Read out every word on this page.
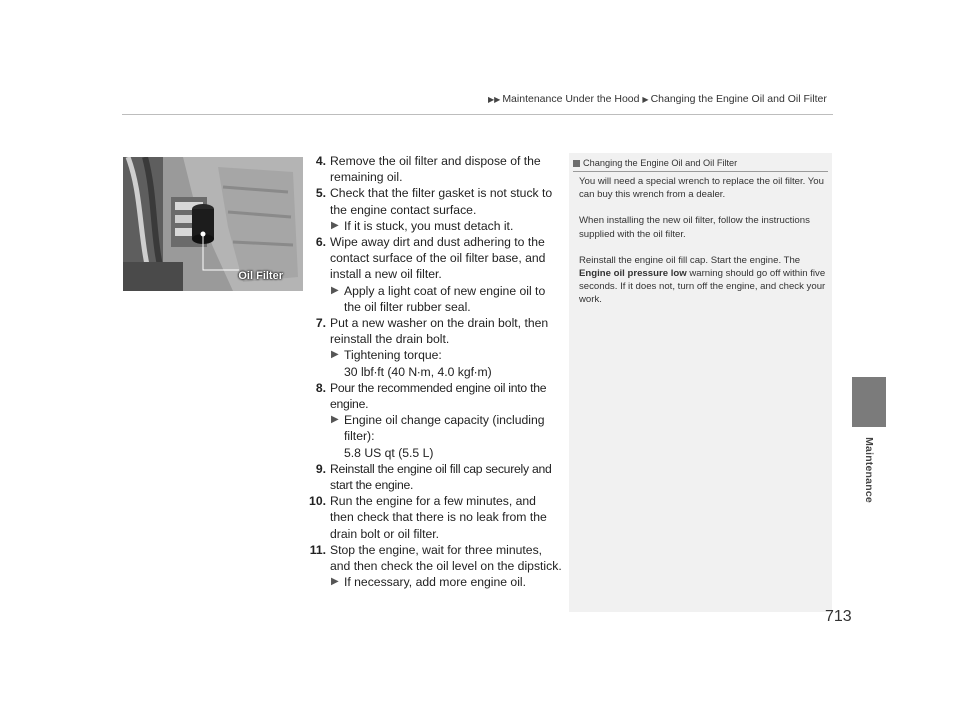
▶▶ Maintenance Under the Hood ▶ Changing the Engine Oil and Oil Filter
Maintenance
Oil Filter
4. Remove the oil filter and dispose of the remaining oil.
5. Check that the filter gasket is not stuck to the engine contact surface.
▶ If it is stuck, you must detach it.
6. Wipe away dirt and dust adhering to the contact surface of the oil filter base, and install a new oil filter.
▶ Apply a light coat of new engine oil to the oil filter rubber seal.
7. Put a new washer on the drain bolt, then reinstall the drain bolt.
▶ Tightening torque:
30 lbf∙ft (40 N∙m, 4.0 kgf∙m)
8. Pour the recommended engine oil into the engine.
▶ Engine oil change capacity (including filter):
5.8 US qt (5.5 L)
9. Reinstall the engine oil fill cap securely and start the engine.
10. Run the engine for a few minutes, and then check that there is no leak from the drain bolt or oil filter.
11. Stop the engine, wait for three minutes, and then check the oil level on the dipstick.
▶ If necessary, add more engine oil.
Changing the Engine Oil and Oil Filter

You will need a special wrench to replace the oil filter. You can buy this wrench from a dealer.

When installing the new oil filter, follow the instructions supplied with the oil filter.

Reinstall the engine oil fill cap. Start the engine. The Engine oil pressure low warning should go off within five seconds. If it does not, turn off the engine, and check your work.

713
